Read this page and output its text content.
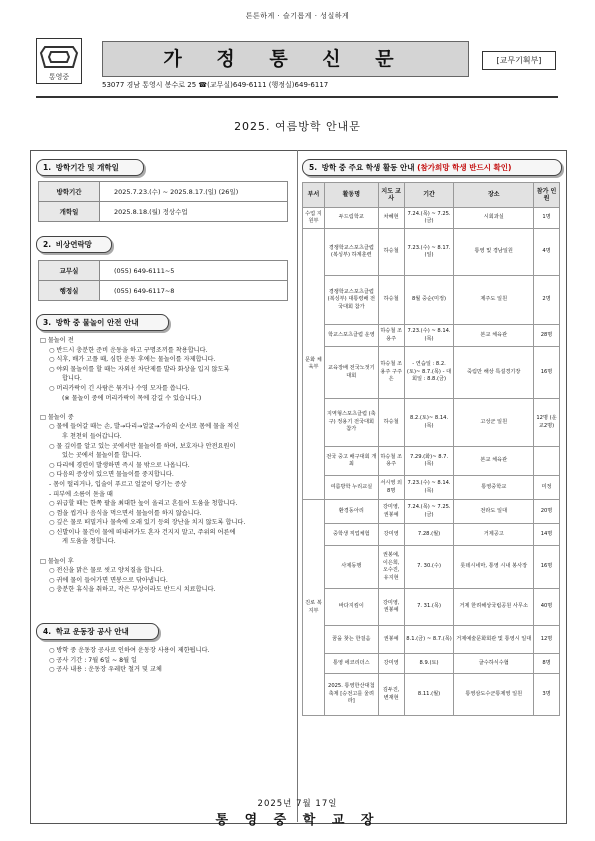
튼튼하게 · 슬기롭게 · 성실하게
통영중
가 정 통 신 문	[교무기획부]
53077 경남 통영시 봉수로 25 ☎(교무실)649-6111 (행정실)649-6117
2025. 여름방학 안내문
1. 방학기간 및 개학일
방학기간	2025.7.23.(수) ~ 2025.8.17.(일) (26일)
개학일	2025.8.18.(월) 정상수업
2. 비상연락망
교무실	(055) 649-6111~5
행정실	(055) 649-6117~8
3. 방학 중 물놀이 안전 안내

□ 물놀이 전

○ 반드시 충분한 준비 운동을 하고 구명조끼를 착용합니다.

○ 식후, 배가 고플 때, 심한 운동 후에는 물놀이를 자제합니다.

○ 야외 물놀이를 할 때는 자외선 차단제를 발라 화상을 입지 않도록

합니다.

○ 머리카락이 긴 사람은 묶거나 수영 모자를 씁니다.

(※ 물놀이 중에 머리카락이 목에 감길 수 있습니다.)

□ 물놀이 중

○ 물에 들어갈 때는 손, 발→다리→얼굴→가슴의 순서로 몸에 물을 적신

후 천천히 들어갑니다.

○ 물 깊이를 알고 있는 곳에서만 물놀이를 하며, 보호자나 안전요원이

있는 곳에서 물놀이를 합니다.

○ 다리에 경련이 발생하면 즉시 물 밖으로 나옵니다.

○ 다음의 증상이 있으면 물놀이를 중지합니다.

- 몸이 떨리거나, 입술이 푸르고 얼굴이 당기는 증상

- 피부에 소름이 돋을 때

○ 위급할 때는 한쪽 팔을 최대한 높이 올리고 흔들어 도움을 청합니다.

○ 껌을 씹거나 음식을 먹으면서 물놀이를 하지 않습니다.

○ 깊은 물로 떠밀거나 물속에 오래 있기 등의 장난을 치지 않도록 합니다.

○ 신발이나 물건이 물에 떠내려가도 혼자 건지지 말고, 주위의 어른에

게 도움을 청합니다.

□ 물놀이 후

○ 전신을 맑은 물로 씻고 양치질을 합니다.

○ 귀에 물이 들어가면 면봉으로 닦아냅니다.

○ 충분한 휴식을 취하고, 작은 부상이라도 반드시 치료합니다.

4. 학교 운동장 공사 안내

○ 방학 중 운동장 공사로 인하여 운동장 사용이 제한됩니다.

○ 공사 기간 : 7월 6일 ~ 8월 일

○ 공사 내용 : 운동장 우레탄 철거 및 교체

5. 방학 중 주요 학생 활동 안내 (참가희망 학생 반드시 확인)
부서	활동명	지도 교사	기간	장소	참가 인원
수업 지원부	두드림학교	차혜현	7.24.(목) ~ 7.25.(금)	시회과실	1명
문화 체육부	경쟁학교스포츠클럽 (복싱부) 하계훈련	하승철	7.23.(수) ~ 8.17.(일)	통영 및 경남일원	4명
	경쟁학교스포츠클럽 (복싱부) 대통령배 전국대회 참가	하승철	8월 중순(미정)	제주도 일원	2명
	학교스포츠클럽 운영	하승철 조용주	7.23.(수) ~ 8.14.(목)	본교 체육관	28명
	교육장배 전국노젓기대회	하승철 조용주 구주은	- 연습일 : 8.2.(토)~ 8.7.(목) - 대회일 : 8.8.(금)	죽림만 해상 특설경기장	16명
	지역형스포츠클럽 (축구) 정용기 전국대회 참가	하승철	8.2.(토)~ 8.14.(목)	고성군 일원	12명 (운교2명)
	전국 중고 배구대회 개최	하승철 조용주	7.29.(화)~ 8.7.(목)	본교 체육관	
	여름방학 누리교실	서시영 외 8명	7.23.(수) ~ 8.14.(목)	통영중학교	미정
진로 복지부	환경동아리	강미영, 권봉예	7.24.(목) ~ 7.25.(금)	전라도 일대	20명
	중학생 직업체험	강미영	7.28.(월)	거제공고	14명
	사제동행	권봉예, 이은희, 오수진, 유지현	7. 30.(수)	롯데시네마, 통영 시내 봉사장	16명
	바다지킴이	강미영, 권봉예	7. 31.(목)	거제 한려해상국립공원 사무소	40명
	꿈을 찾는 한걸음	권봉예	8.1.(금) ~ 8.7.(목)	거제예술문화회관 및 통영시 일대	12명
	통영 에코리더스	강미영	8.9.(토)	굴수하식수협	8명
	2025. 통영한산대첩축제 [승전고를 울려라]	김두진, 변재현	8.11.(월)	통영삼도수군통제영 일원	3명
2025년 7월 17일
통 영 중 학 교 장
